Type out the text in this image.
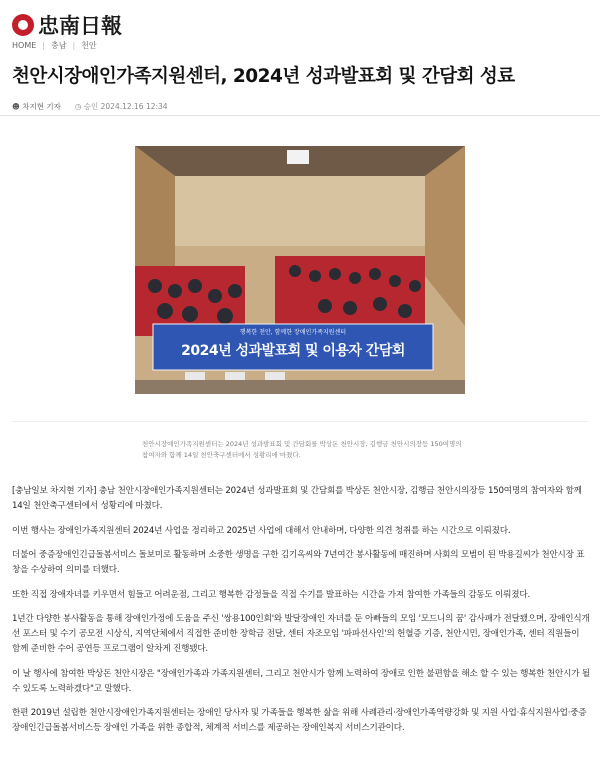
忠南日報
HOME | 충남 | 천안
천안시장애인가족지원센터, 2024년 성과발표회 및 간담회 성료
☻ 차지현 기자 ◷ 승인 2024.12.16 12:34
행복한 천안, 함께한 장애인가족지원센터
2024년 성과발표회 및 이용자 간담회
천안시장애인가족지원센터는 2024년 성과발표회 및 간담회를 박상돈 천안시장, 김행금 천안시의장등 150여명의 참여자와 함께 14일 천안축구센터에서 성황리에 마쳤다.

[충남일보 차지현 기자] 충남 천안시장애인가족지원센터는 2024년 성과발표회 및 간담회를 박상돈 천안시장, 김행금 천안시의장등 150여명의 참여자와 함께 14일 천안축구센터에서 성황리에 마쳤다.

이번 행사는 장애인가족지원센터 2024년 사업을 정리하고 2025년 사업에 대해서 안내하며, 다양한 의견 청취를 하는 시간으로 이뤄졌다.

더불어 중증장애인긴급돌봄서비스 돌보미로 활동하며 소중한 생명을 구한 김기옥씨와 7년여간 봉사활동에 매진하며 사회의 모범이 된 박용길씨가 천안시장 표창을 수상하여 의미를 더했다.

또한 직접 장애자녀를 키우면서 힘들고 어려운점, 그리고 행복한 감정들을 직접 수기를 발표하는 시간을 가져 참여한 가족들의 감동도 이뤄졌다.

1년간 다양한 봉사활동을 통해 장애인가정에 도움을 주신 '쌍용100인회'와 발달장애인 자녀를 둔 아빠들의 모임 '모드니의 꿈' 감사패가 전달됐으며, 장애인식개선 포스터 및 수기 공모전 시상식, 지역단체에서 직접한 준비한 장학금 전달, 센터 자조모임 '파파선사인'의 헌혈증 기증, 천안시민, 장애인가족, 센터 직원들이 함께 준비한 수어 공연등 프로그램이 알차게 진행됐다.

이 날 행사에 참여한 박상돈 천안시장은 "장애인가족과 가족지원센터, 그리고 천안시가 함께 노력하여 장애로 인한 불편함을 해소 할 수 있는 행복한 천안시가 될 수 있도록 노력하겠다"고 말했다.

한편 2019년 설립한 천안시장애인가족지원센터는 장애인 당사자 및 가족들을 행복한 삶을 위해 사례관리·장애인가족역량강화 및 지원 사업·휴식지원사업·중증장애인긴급돌봄서비스등 장애인 가족을 위한 종합적, 체계적 서비스를 제공하는 장애인복지 서비스기관이다.
